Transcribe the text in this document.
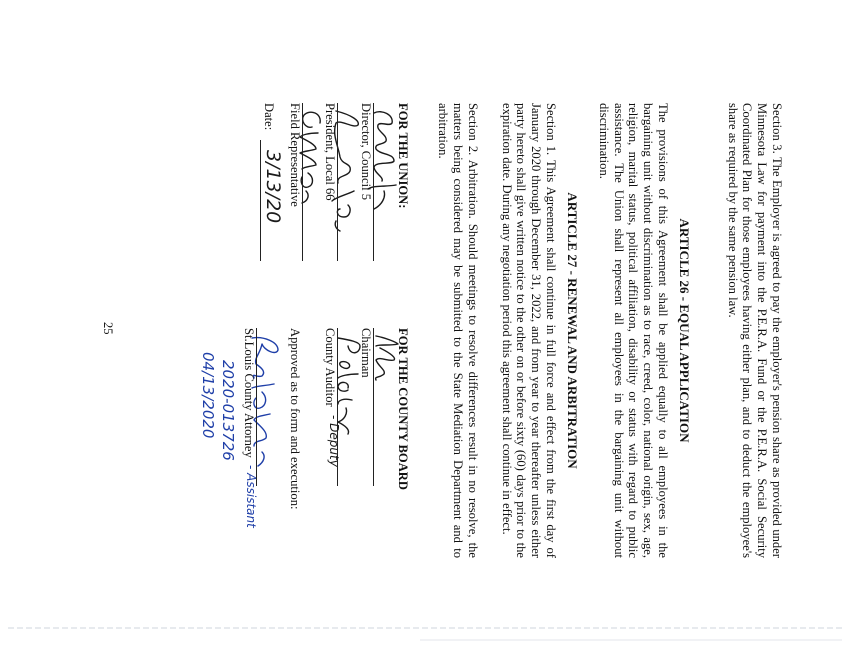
Section 3. The Employer is agreed to pay the employer's pension share as provided under Minnesota Law for payment into the P.E.R.A. Fund or the P.E.R.A. Social Security Coordinated Plan for those employees having either plan, and to deduct the employee's share as required by the same pension law.

ARTICLE 26 - EQUAL APPLICATION

The provisions of this Agreement shall be applied equally to all employees in the bargaining unit without discrimination as to race, creed, color, national origin, sex, age, religion, marital status, political affiliation, disability or status with regard to public assistance. The Union shall represent all employees in the bargaining unit without discrimination.

ARTICLE 27 - RENEWAL AND ARBITRATION

Section 1. This Agreement shall continue in full force and effect from the first day of January 2020 through December 31, 2022, and from year to year thereafter unless either party hereto shall give written notice to the other on or before sixty (60) days prior to the expiration date. During any negotiation period this agreement shall continue in effect.

Section 2. Arbitration. Should meetings to resolve differences result in no resolve, the matters being considered may be submitted to the State Mediation Department and to arbitration.

FOR THE UNION:
Director, Council 5
President, Local 66
Field Representative
Date:
3/13/20
FOR THE COUNTY BOARD
Chairman
County Auditor
- Deputy
Approved as to form and execution:
St.Louis County Attorney
- Assistant
2020-013726
04/13/2020
25
